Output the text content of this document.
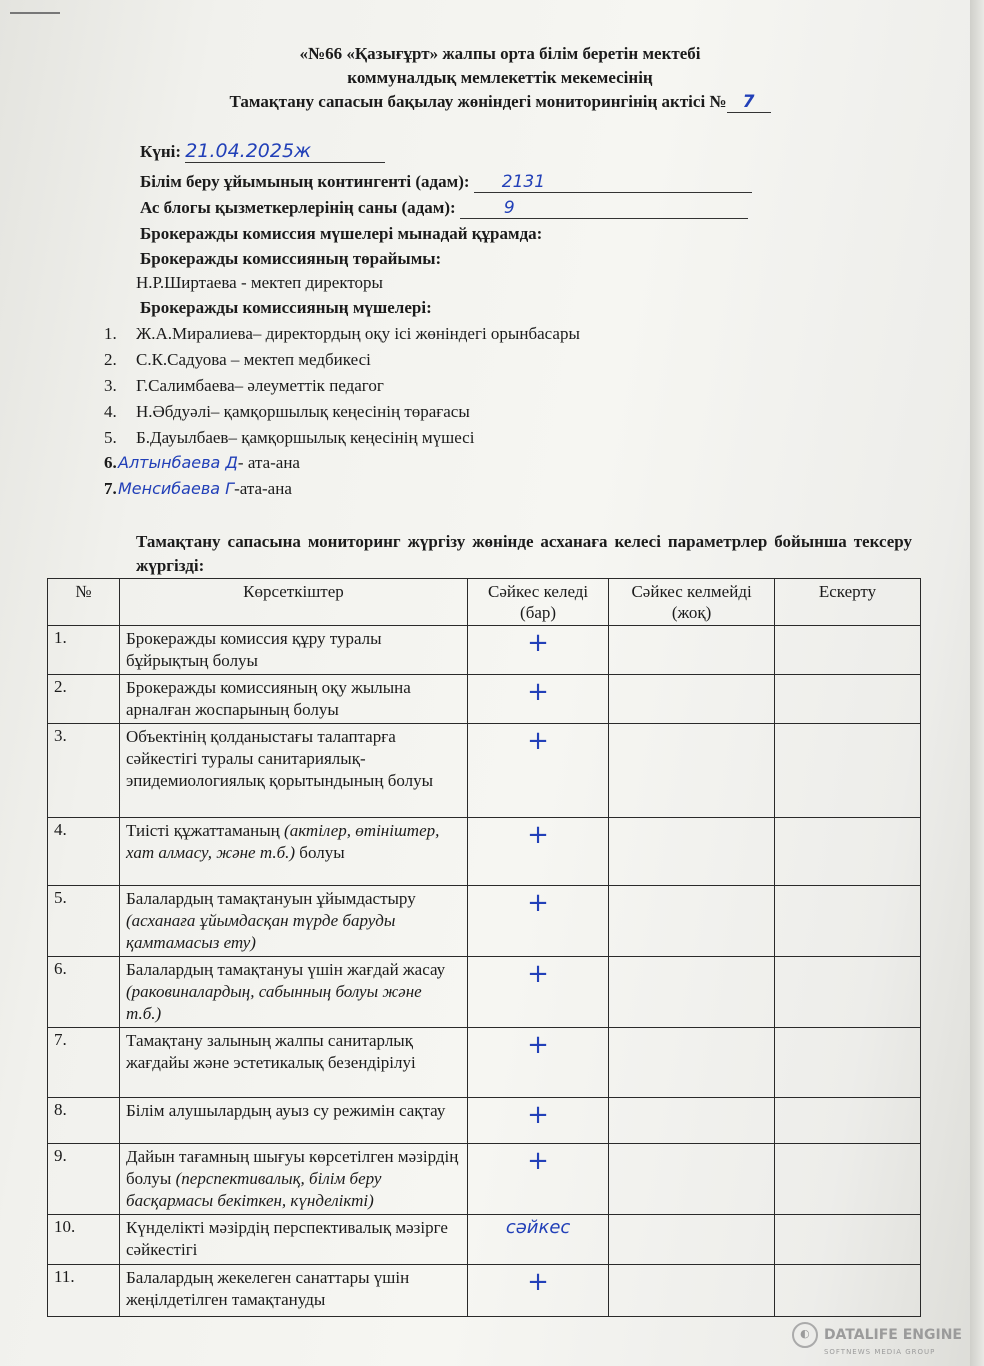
«№66 «Қазығұрт» жалпы орта білім беретін мектебі
коммуналдық мемлекеттік мекемесінің
Тамақтану сапасын бақылау жөніндегі мониторингінің актісі № 7
Күні: 21.04.2025ж
Білім беру ұйымының контингенті (адам): 2131
Ас блогы қызметкерлерінің саны (адам):	9
Брокеражды комиссия мүшелері мынадай құрамда:
Брокеражды комиссияның төрайымы:
Н.Р.Ширтаева - мектеп директоры
Брокеражды комиссияның мүшелері:
1. Ж.А.Миралиева– директордың оқу ісі жөніндегі орынбасары
2. С.К.Садуова – мектеп медбикесі
3. Г.Салимбаева– әлеуметтік педагог
4. Н.Әбдуәлі– қамқоршылық кеңесінің төрағасы
5. Б.Дауылбаев– қамқоршылық кеңесінің мүшесі
6.Алтынбаева Д- ата-ана
7.Менсибаева Г-ата-ана
Тамақтану сапасына мониторинг жүргізу жөнінде асханаға келесі параметрлер бойынша тексеру жүргізді:
№	Көрсеткіштер	Сәйкес келеді (бар)	Сәйкес келмейді (жоқ)	Ескерту
1.	Брокеражды комиссия құру туралы бұйрықтың болуы	+		
2.	Брокеражды комиссияның оқу жылына арналған жоспарының болуы	+		
3.	Объектінің қолданыстағы талаптарға сәйкестігі туралы санитариялық-эпидемиологиялық қорытындының болуы	+		
4.	Тиісті құжаттаманың (актілер, өтініштер, хат алмасу, және т.б.) болуы	+		
5.	Балалардың тамақтануын ұйымдастыру (асханаға ұйымдасқан түрде баруды қамтамасыз ету)	+		
6.	Балалардың тамақтануы үшін жағдай жасау (раковиналардың, сабынның болуы және т.б.)	+		
7.	Тамақтану залының жалпы санитарлық жағдайы және эстетикалық безендірілуі	+		
8.	Білім алушылардың ауыз су режимін сақтау	+		
9.	Дайын тағамның шығуы көрсетілген мәзірдің болуы (перспективалық, білім беру басқармасы бекіткен, күнделікті)	+		
10.	Күнделікті мәзірдің перспективалық мәзірге сәйкестігі	сәйкес		
11.	Балалардың жекелеген санаттары үшін жеңілдетілген тамақтануды	+		
◐ DATALIFE ENGINE
SOFTNEWS MEDIA GROUP
